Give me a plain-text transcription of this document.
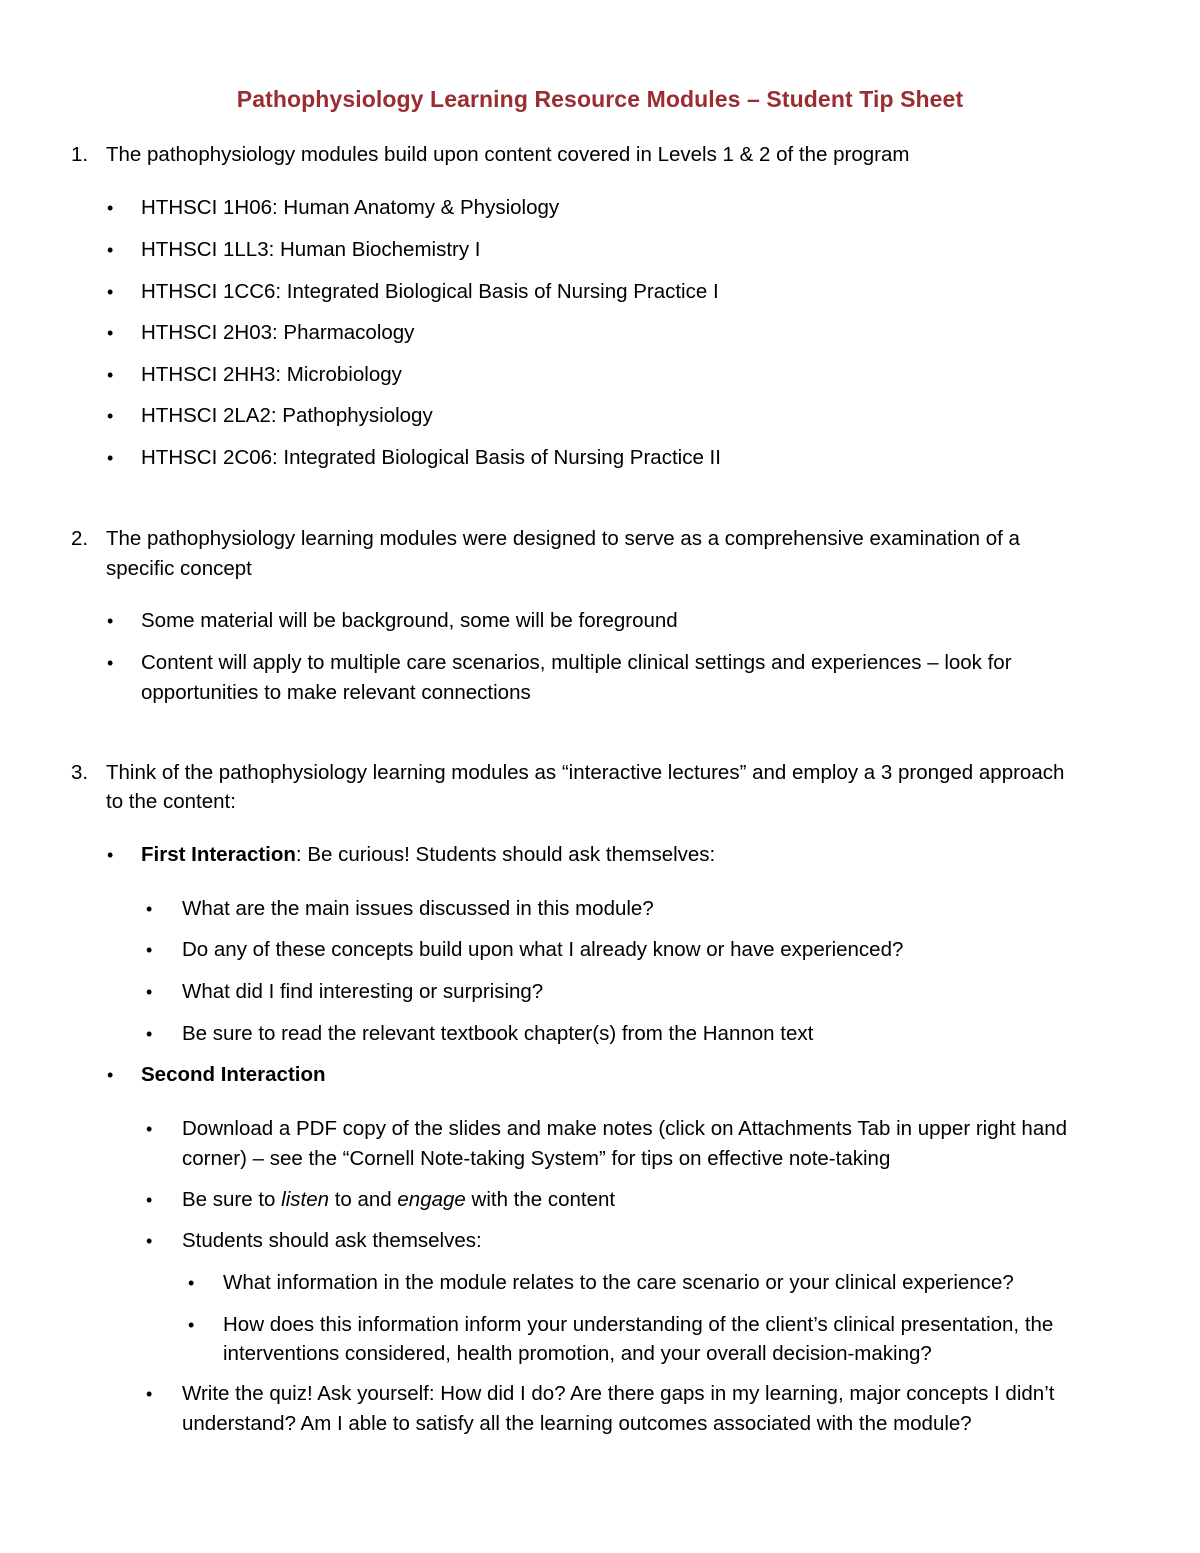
Pathophysiology Learning Resource Modules – Student Tip Sheet
1. The pathophysiology modules build upon content covered in Levels 1 & 2 of the program
• HTHSCI 1H06: Human Anatomy & Physiology
• HTHSCI 1LL3: Human Biochemistry I
• HTHSCI 1CC6: Integrated Biological Basis of Nursing Practice I
• HTHSCI 2H03: Pharmacology
• HTHSCI 2HH3: Microbiology
• HTHSCI 2LA2: Pathophysiology
• HTHSCI 2C06: Integrated Biological Basis of Nursing Practice II
2. The pathophysiology learning modules were designed to serve as a comprehensive examination of a
specific concept
• Some material will be background, some will be foreground
• Content will apply to multiple care scenarios, multiple clinical settings and experiences – look for
opportunities to make relevant connections
3. Think of the pathophysiology learning modules as “interactive lectures” and employ a 3 pronged approach
to the content:
• First Interaction: Be curious! Students should ask themselves:
• What are the main issues discussed in this module?
• Do any of these concepts build upon what I already know or have experienced?
• What did I find interesting or surprising?
• Be sure to read the relevant textbook chapter(s) from the Hannon text
• Second Interaction
• Download a PDF copy of the slides and make notes (click on Attachments Tab in upper right hand
corner) – see the “Cornell Note-taking System” for tips on effective note-taking
• Be sure to listen to and engage with the content
• Students should ask themselves:
• What information in the module relates to the care scenario or your clinical experience?
• How does this information inform your understanding of the client’s clinical presentation, the
interventions considered, health promotion, and your overall decision-making?
• Write the quiz! Ask yourself: How did I do? Are there gaps in my learning, major concepts I didn’t
understand? Am I able to satisfy all the learning outcomes associated with the module?
